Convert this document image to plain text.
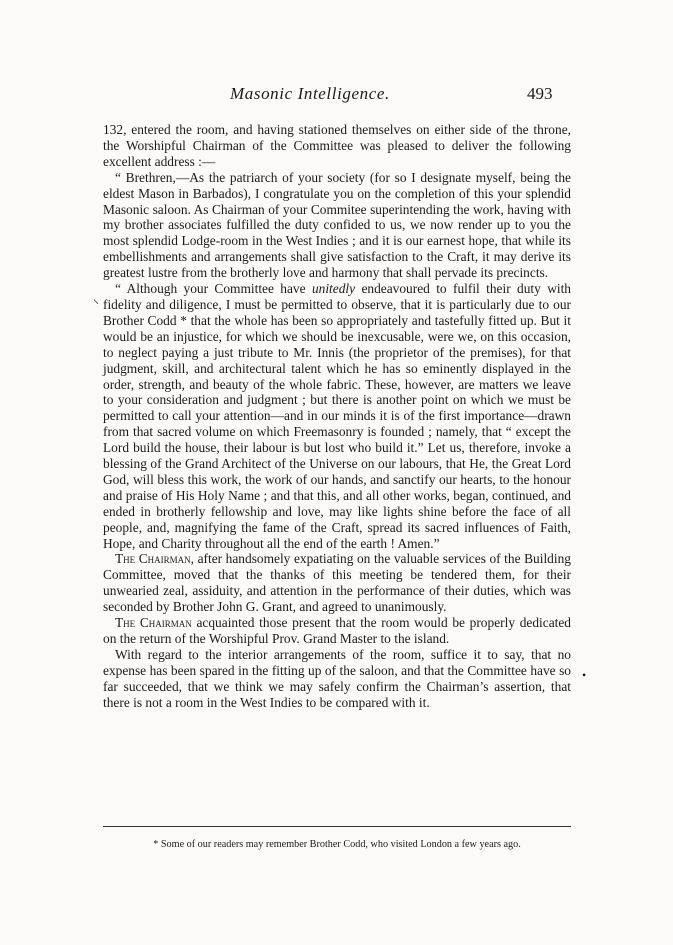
Masonic Intelligence.	493

132, entered the room, and having stationed themselves on either side of the throne, the Worshipful Chairman of the Committee was pleased to deliver the following excellent address :—

“ Brethren,—As the patriarch of your society (for so I designate myself, being the eldest Mason in Barbados), I congratulate you on the completion of this your splendid Masonic saloon. As Chairman of your Commitee superintending the work, having with my brother associates fulfilled the duty confided to us, we now render up to you the most splendid Lodge-room in the West Indies ; and it is our earnest hope, that while its embellishments and arrangements shall give satisfaction to the Craft, it may derive its greatest lustre from the brotherly love and harmony that shall pervade its precincts.

“ Although your Committee have unitedly endeavoured to fulfil their duty with fidelity and diligence, I must be permitted to observe, that it is particularly due to our Brother Codd * that the whole has been so appropriately and tastefully fitted up. But it would be an injustice, for which we should be inexcusable, were we, on this occasion, to neglect paying a just tribute to Mr. Innis (the proprietor of the premises), for that judgment, skill, and architectural talent which he has so eminently displayed in the order, strength, and beauty of the whole fabric. These, however, are matters we leave to your consideration and judgment ; but there is another point on which we must be permitted to call your attention—and in our minds it is of the first importance—drawn from that sacred volume on which Freemasonry is founded ; namely, that “ except the Lord build the house, their labour is but lost who build it.” Let us, therefore, invoke a blessing of the Grand Architect of the Universe on our labours, that He, the Great Lord God, will bless this work, the work of our hands, and sanctify our hearts, to the honour and praise of His Holy Name ; and that this, and all other works, began, continued, and ended in brotherly fellowship and love, may like lights shine before the face of all people, and, magnifying the fame of the Craft, spread its sacred influences of Faith, Hope, and Charity throughout all the end of the earth ! Amen.”

The Chairman, after handsomely expatiating on the valuable services of the Building Committee, moved that the thanks of this meeting be tendered them, for their unwearied zeal, assiduity, and attention in the performance of their duties, which was seconded by Brother John G. Grant, and agreed to unanimously.

The Chairman acquainted those present that the room would be properly dedicated on the return of the Worshipful Prov. Grand Master to the island.

With regard to the interior arrangements of the room, suffice it to say, that no expense has been spared in the fitting up of the saloon, and that the Committee have so far succeeded, that we think we may safely confirm the Chairman’s assertion, that there is not a room in the West Indies to be compared with it.

⸌
•
* Some of our readers may remember Brother Codd, who visited London a few years ago.
